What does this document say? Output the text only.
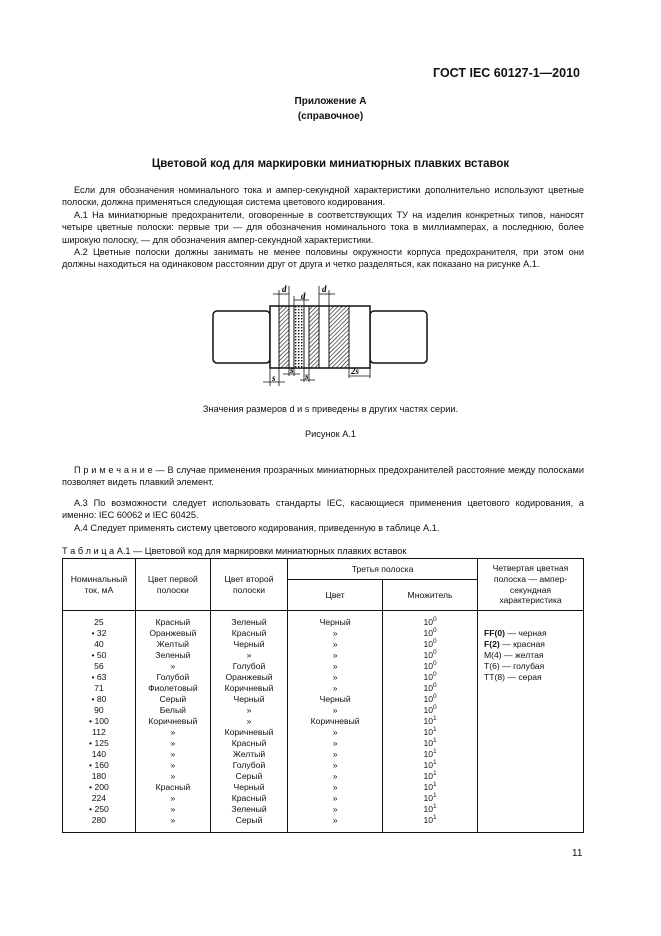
ГОСТ IEC 60127-1—2010
Приложение А
(справочное)
Цветовой код для маркировки миниатюрных плавких вставок
Если для обозначения номинального тока и ампер-секундной характеристики дополнительно используют цветные полоски, должна применяться следующая система цветового кодирования.
А.1 На миниатюрные предохранители, оговоренные в соответствующих ТУ на изделия конкретных типов, наносят четыре цветные полоски: первые три — для обозначения номинального тока в миллиамперах, а последнюю, более широкую полоску, — для обозначения ампер-секундной характеристики.
А.2 Цветные полоски должны занимать не менее половины окружности корпуса предохранителя, при этом они должны находиться на одинаковом расстоянии друг от друга и четко разделяться, как показано на рисунке А.1.
d
d
d
s
s
s	2s
Значения размеров d и s приведены в других частях серии.
Рисунок А.1
П р и м е ч а н и е — В случае применения прозрачных миниатюрных предохранителей расстояние между полосками позволяет видеть плавкий элемент.
А.3 По возможности следует использовать стандарты IEC, касающиеся применения цветового кодирования, а именно: IEC 60062 и IEC 60425.
А.4 Следует применять систему цветового кодирования, приведенную в таблице А.1.
Т а б л и ц а А.1 — Цветовой код для маркировки миниатюрных плавких вставок
Номинальный ток, мА	Цвет первой полоски	Цвет второй полоски	Третья полоска		Четвертая цветная полоска — ампер-секундная характеристика
			Цвет	Множитель	
25	Красный	Зеленый	Черный	$10^0$	
• 32	Оранжевый	Красный	»	$10^0$	FF(0) — черная
40	Желтый	Черный	»	$10^0$	F(2) — красная
• 50	Зеленый	»	»	$10^0$	M(4) — желтая
56	»	Голубой	»	$10^0$	T(6) — голубая
• 63	Голубой	Оранжевый	»	$10^0$	TT(8) — серая
71	Фиолетовый	Коричневый	»	$10^0$	
• 80	Серый	Черный	Черный	$10^0$	
90	Белый	»	»	$10^0$	
• 100	Коричневый	»	Коричневый	$10^1$	
112	»	Коричневый	»	$10^1$	
• 125	»	Красный	»	$10^1$	
140	»	Желтый	»	$10^1$	
• 160	»	Голубой	»	$10^1$	
180	»	Серый	»	$10^1$	
• 200	Красный	Черный	»	$10^1$	
224	»	Красный	»	$10^1$	
• 250	»	Зеленый	»	$10^1$	
280	»	Серый	»	$10^1$	
11
